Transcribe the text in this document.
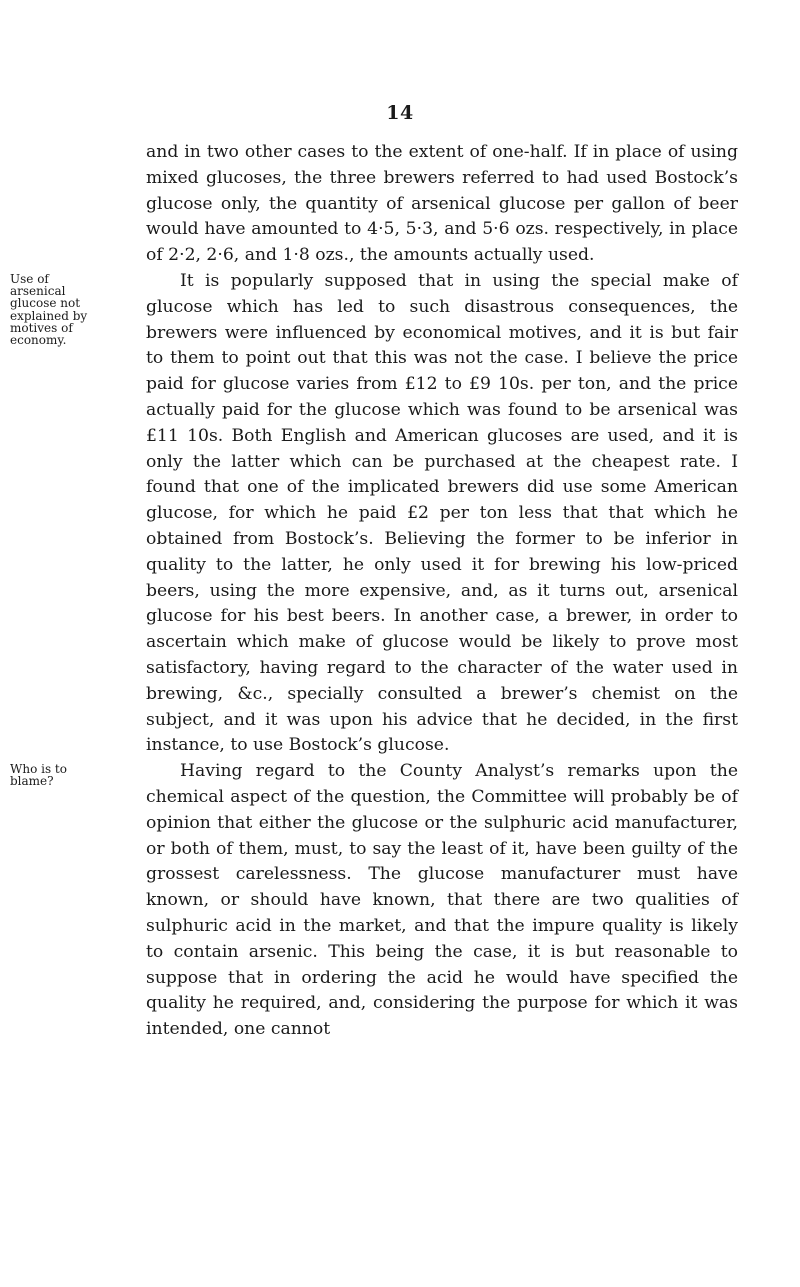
14

and in two other cases to the extent of one-half. If in place of using mixed glucoses, the three brewers referred to had used Bostock’s glucose only, the quantity of arsenical glucose per gallon of beer would have amounted to 4·5, 5·3, and 5·6 ozs. respectively, in place of 2·2, 2·6, and 1·8 ozs., the amounts actually used.

Use of arsenical glucose not explained by motives of economy.
It is popularly supposed that in using the special make of glucose which has led to such disastrous consequences, the brewers were influenced by economical motives, and it is but fair to them to point out that this was not the case. I believe the price paid for glucose varies from £12 to £9 10s. per ton, and the price actually paid for the glucose which was found to be arsenical was £11 10s. Both English and American glucoses are used, and it is only the latter which can be purchased at the cheapest rate. I found that one of the implicated brewers did use some American glucose, for which he paid £2 per ton less that that which he obtained from Bostock’s. Believing the former to be inferior in quality to the latter, he only used it for brewing his low-priced beers, using the more expensive, and, as it turns out, arsenical glucose for his best beers. In another case, a brewer, in order to ascertain which make of glucose would be likely to prove most satisfactory, having regard to the character of the water used in brewing, &c., specially consulted a brewer’s chemist on the subject, and it was upon his advice that he decided, in the first instance, to use Bostock’s glucose.

Who is to blame?
Having regard to the County Analyst’s remarks upon the chemical aspect of the question, the Committee will probably be of opinion that either the glucose or the sulphuric acid manufacturer, or both of them, must, to say the least of it, have been guilty of the grossest carelessness. The glucose manufacturer must have known, or should have known, that there are two qualities of sulphuric acid in the market, and that the impure quality is likely to contain arsenic. This being the case, it is but reasonable to suppose that in ordering the acid he would have specified the quality he required, and, considering the purpose for which it was intended, one cannot
